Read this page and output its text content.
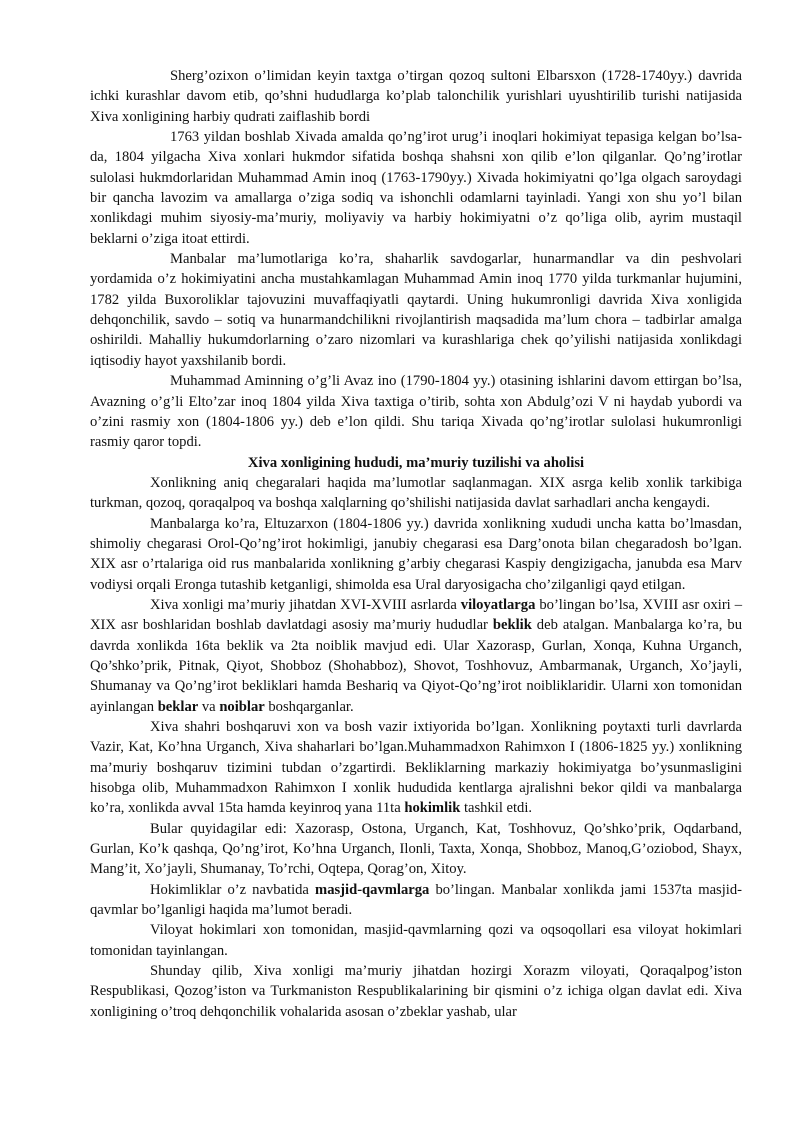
Sherg’ozixon o’limidan keyin taxtga o’tirgan qozoq sultoni Elbarsxon (1728-1740yy.) davrida ichki kurashlar davom etib, qo’shni hududlarga ko’plab talonchilik yurishlari uyushtirilib turishi natijasida Xiva xonligining harbiy qudrati zaiflashib bordi

1763 yildan boshlab Xivada amalda qo’ng’irot urug’i inoqlari hokimiyat tepasiga kelgan bo’lsa-da, 1804 yilgacha Xiva xonlari hukmdor sifatida boshqa shahsni xon qilib e’lon qilganlar. Qo’ng’irotlar sulolasi hukmdorlaridan Muhammad Amin inoq (1763-1790yy.) Xivada hokimiyatni qo’lga olgach saroydagi bir qancha lavozim va amallarga o’ziga sodiq va ishonchli odamlarni tayinladi. Yangi xon shu yo’l bilan xonlikdagi muhim siyosiy-ma’muriy, moliyaviy va harbiy hokimiyatni o’z qo’liga olib, ayrim mustaqil beklarni o’ziga itoat ettirdi.

Manbalar ma’lumotlariga ko’ra, shaharlik savdogarlar, hunarmandlar va din peshvolari yordamida o’z hokimiyatini ancha mustahkamlagan Muhammad Amin inoq 1770 yilda turkmanlar hujumini, 1782 yilda Buxoroliklar tajovuzini muvaffaqiyatli qaytardi. Uning hukumronligi davrida Xiva xonligida dehqonchilik, savdo – sotiq va hunarmandchilikni rivojlantirish maqsadida ma’lum chora – tadbirlar amalga oshirildi. Mahalliy hukumdorlarning o’zaro nizomlari va kurashlariga chek qo’yilishi natijasida xonlikdagi iqtisodiy hayot yaxshilanib bordi.

Muhammad Aminning o’g’li Avaz ino (1790-1804 yy.) otasining ishlarini davom ettirgan bo’lsa, Avazning o’g’li Elto’zar inoq 1804 yilda Xiva taxtiga o’tirib, sohta xon Abdulg’ozi V ni haydab yubordi va o’zini rasmiy xon (1804-1806 yy.) deb e’lon qildi. Shu tariqa Xivada qo’ng’irotlar sulolasi hukumronligi rasmiy qaror topdi.

Xiva xonligining hududi, ma’muriy tuzilishi va aholisi

Xonlikning aniq chegaralari haqida ma’lumotlar saqlanmagan. XIX asrga kelib xonlik tarkibiga turkman, qozoq, qoraqalpoq va boshqa xalqlarning qo’shilishi natijasida davlat sarhadlari ancha kengaydi.

Manbalarga ko’ra, Eltuzarxon (1804-1806 yy.) davrida xonlikning xududi uncha katta bo’lmasdan, shimoliy chegarasi Orol-Qo’ng’irot hokimligi, janubiy chegarasi esa Darg’onota bilan chegaradosh bo’lgan. XIX asr o’rtalariga oid rus manbalarida xonlikning g’arbiy chegarasi Kaspiy dengizigacha, janubda esa Marv vodiysi orqali Eronga tutashib ketganligi, shimolda esa Ural daryosigacha cho’zilganligi qayd etilgan.

Xiva xonligi ma’muriy jihatdan XVI-XVIII asrlarda viloyatlarga bo’lingan bo’lsa, XVIII asr oxiri – XIX asr boshlaridan boshlab davlatdagi asosiy ma’muriy hududlar beklik deb atalgan. Manbalarga ko’ra, bu davrda xonlikda 16ta beklik va 2ta noiblik mavjud edi. Ular Xazorasp, Gurlan, Xonqa, Kuhna Urganch, Qo’shko’prik, Pitnak, Qiyot, Shobboz (Shohabboz), Shovot, Toshhovuz, Ambarmanak, Urganch, Xo’jayli, Shumanay va Qo’ng’irot bekliklari hamda Beshariq va Qiyot-Qo’ng’irot noibliklaridir. Ularni xon tomonidan ayinlangan beklar va noiblar boshqarganlar.

Xiva shahri boshqaruvi xon va bosh vazir ixtiyorida bo’lgan. Xonlikning poytaxti turli davrlarda Vazir, Kat, Ko’hna Urganch, Xiva shaharlari bo’lgan.Muhammadxon Rahimxon I (1806-1825 yy.) xonlikning ma’muriy boshqaruv tizimini tubdan o’zgartirdi. Bekliklarning markaziy hokimiyatga bo’ysunmasligini hisobga olib, Muhammadxon Rahimxon I xonlik hududida kentlarga ajralishni bekor qildi va manbalarga ko’ra, xonlikda avval 15ta hamda keyinroq yana 11ta hokimlik tashkil etdi.

Bular quyidagilar edi: Xazorasp, Ostona, Urganch, Kat, Toshhovuz, Qo’shko’prik, Oqdarband, Gurlan, Ko’k qashqa, Qo’ng’irot, Ko’hna Urganch, Ilonli, Taxta, Xonqa, Shobboz, Manoq,G’oziobod, Shayx, Mang’it, Xo’jayli, Shumanay, To’rchi, Oqtepa, Qorag’on, Xitoy.

Hokimliklar o’z navbatida masjid-qavmlarga bo’lingan. Manbalar xonlikda jami 1537ta masjid-qavmlar bo’lganligi haqida ma’lumot beradi.

Viloyat hokimlari xon tomonidan, masjid-qavmlarning qozi va oqsoqollari esa viloyat hokimlari tomonidan tayinlangan.

Shunday qilib, Xiva xonligi ma’muriy jihatdan hozirgi Xorazm viloyati, Qoraqalpog’iston Respublikasi, Qozog’iston va Turkmaniston Respublikalarining bir qismini o’z ichiga olgan davlat edi. Xiva xonligining o’troq dehqonchilik vohalarida asosan o’zbeklar yashab, ular
